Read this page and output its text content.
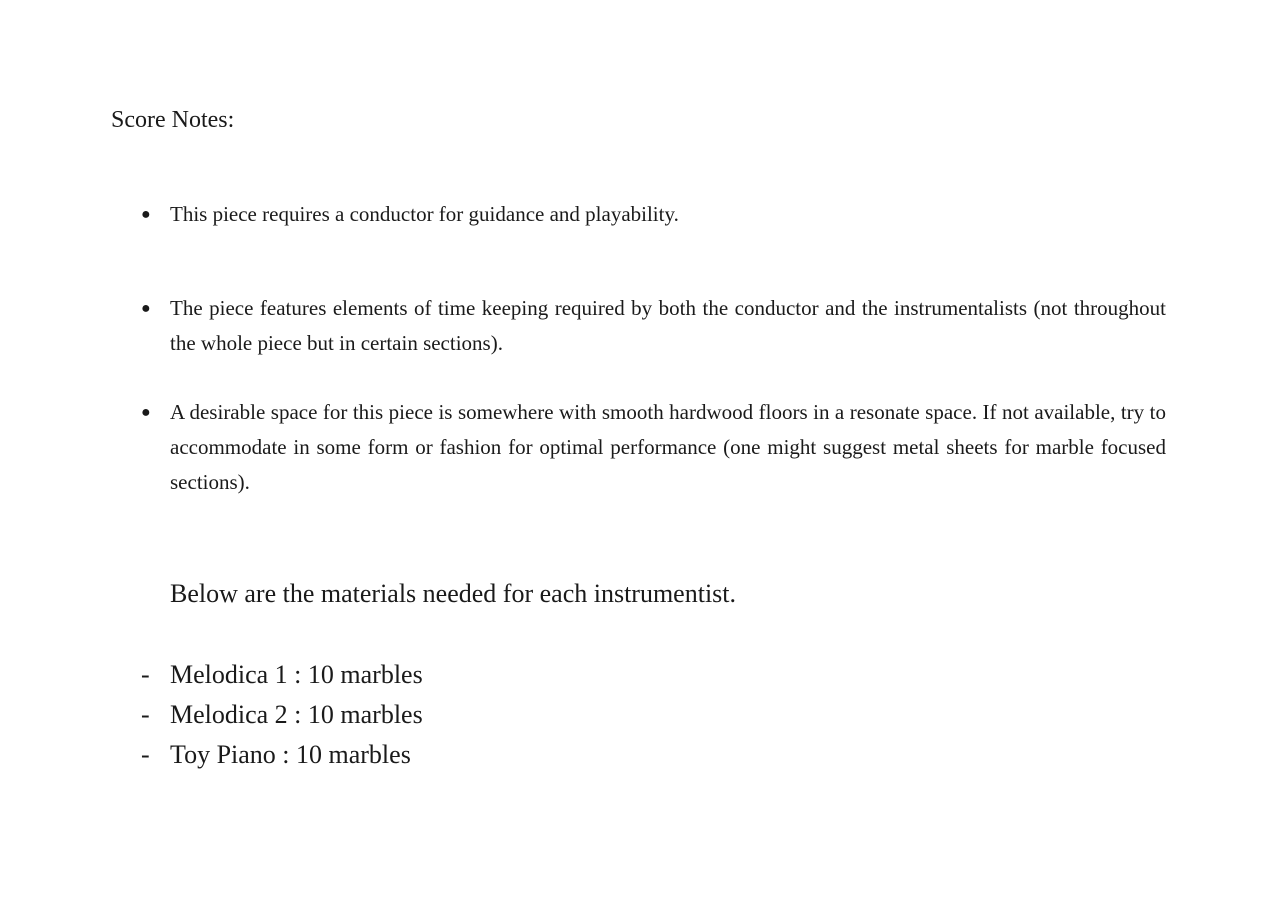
Score Notes:
● This piece requires a conductor for guidance and playability.
● The piece features elements of time keeping required by both the conductor and the instrumentalists (not throughout the whole piece but in certain sections).
● A desirable space for this piece is somewhere with smooth hardwood floors in a resonate space. If not available, try to accommodate in some form or fashion for optimal performance (one might suggest metal sheets for marble focused sections).

Below are the materials needed for each instrumentist.

- Melodica 1 : 10 marbles
- Melodica 2 : 10 marbles
- Toy Piano : 10 marbles
